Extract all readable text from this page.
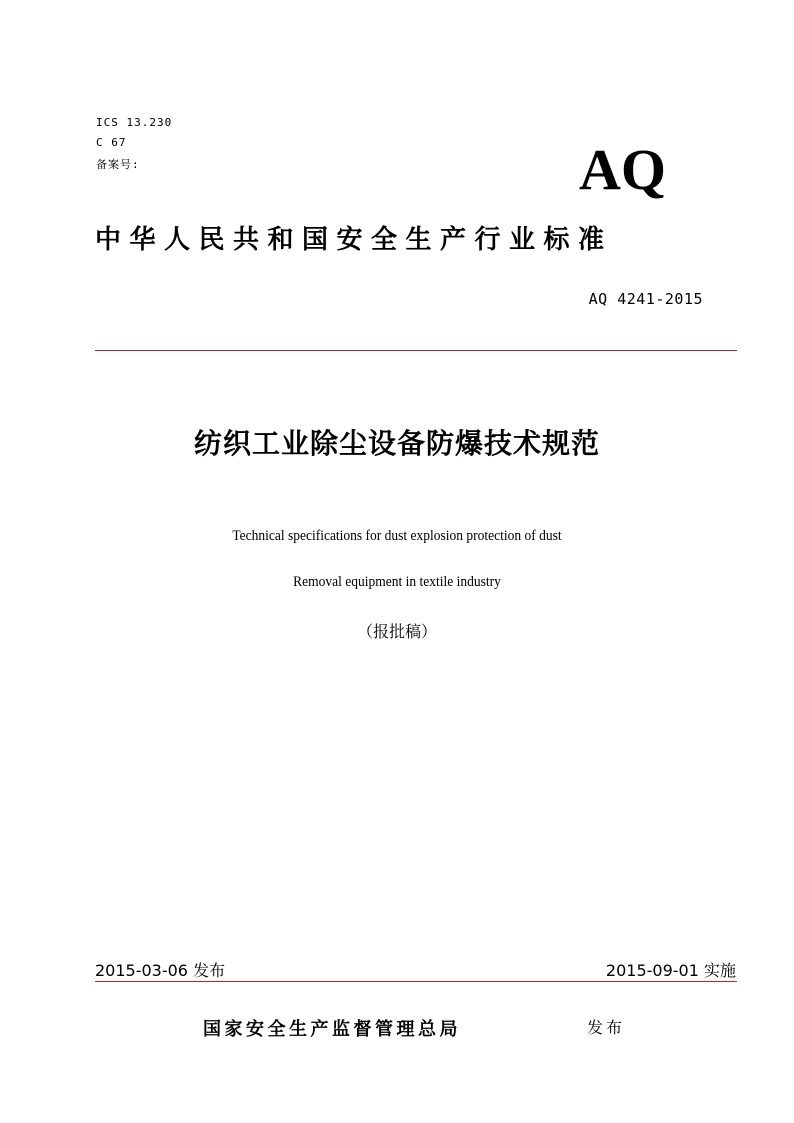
ICS 13.230

C 67

备案号:	AQ
中华人民共和国安全生产行业标准

AQ 4241-2015

纺织工业除尘设备防爆技术规范

Technical specifications for dust explosion protection of dust

Removal equipment in textile industry

（报批稿）

2015-03-06 发布	2015-09-01 实施

国家安全生产监督管理总局	发布
